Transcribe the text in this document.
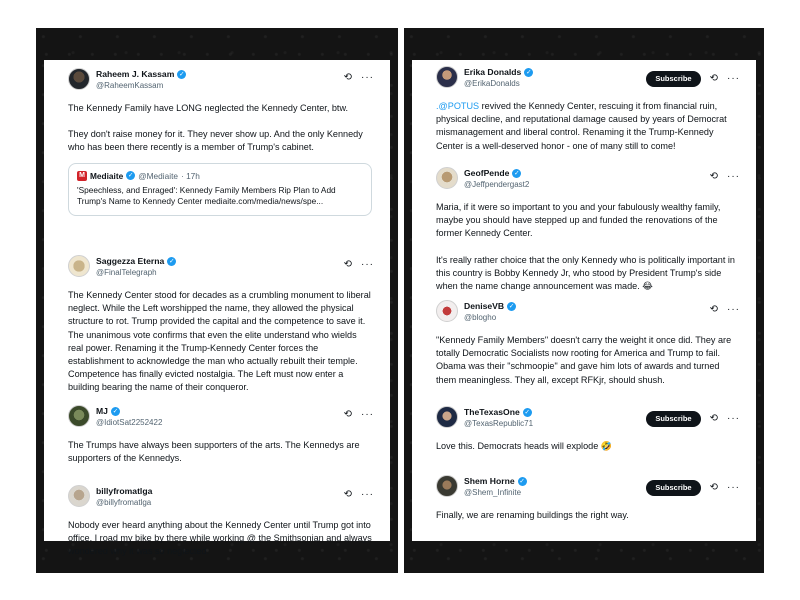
Raheem J. Kassam ✓
@RaheemKassam
⟲ ···

The Kennedy Family have LONG neglected the Kennedy Center, btw.

They don't raise money for it. They never show up. And the only Kennedy who has been there recently is a member of Trump's cabinet.

M Mediaite ✓ @Mediaite · 17h
'Speechless, and Enraged': Kennedy Family Members Rip Plan to Add Trump's Name to Kennedy Center mediaite.com/media/news/spe...
Saggezza Eterna ✓
@FinalTelegraph
⟲ ···

The Kennedy Center stood for decades as a crumbling monument to liberal neglect. While the Left worshipped the name, they allowed the physical structure to rot. Trump provided the capital and the competence to save it. The unanimous vote confirms that even the elite understand who wields real power. Renaming it the Trump-Kennedy Center forces the establishment to acknowledge the man who actually rebuilt their temple. Competence has finally evicted nostalgia. The Left must now enter a building bearing the name of their conqueror.

MJ ✓
@IdiotSat2252422
⟲ ···

The Trumps have always been supporters of the arts. The Kennedys are supporters of the Kennedys.

billyfromatlga
@billyfromatlga
⟲ ···

Nobody ever heard anything about the Kennedy Center until Trump got into office. I road my bike by there while working @ the Smithsonian and always wondered why it was so neglected.

Erika Donalds ✓
@ErikaDonalds
Subscribe	⟲ ···

.@POTUS revived the Kennedy Center, rescuing it from financial ruin, physical decline, and reputational damage caused by years of Democrat mismanagement and liberal control. Renaming it the Trump-Kennedy Center is a well-deserved honor - one of many still to come!

GeofPende ✓
@Jeffpendergast2
⟲ ···

Maria, if it were so important to you and your fabulously wealthy family, maybe you should have stepped up and funded the renovations of the former Kennedy Center.

It's really rather choice that the only Kennedy who is politically important in this country is Bobby Kennedy Jr, who stood by President Trump's side when the name change announcement was made. 😂

DeniseVB ✓
@blogho
⟲ ···

"Kennedy Family Members" doesn't carry the weight it once did. They are totally Democratic Socialists now rooting for America and Trump to fail. Obama was their "schmoopie" and gave him lots of awards and turned them meaningless. They all, except RFKjr, should shush.

TheTexasOne ✓
@TexasRepublic71
Subscribe	⟲ ···

Love this. Democrats heads will explode 🤣

Shem Horne ✓
@Shem_Infinite
Subscribe	⟲ ···

Finally, we are renaming buildings the right way.
